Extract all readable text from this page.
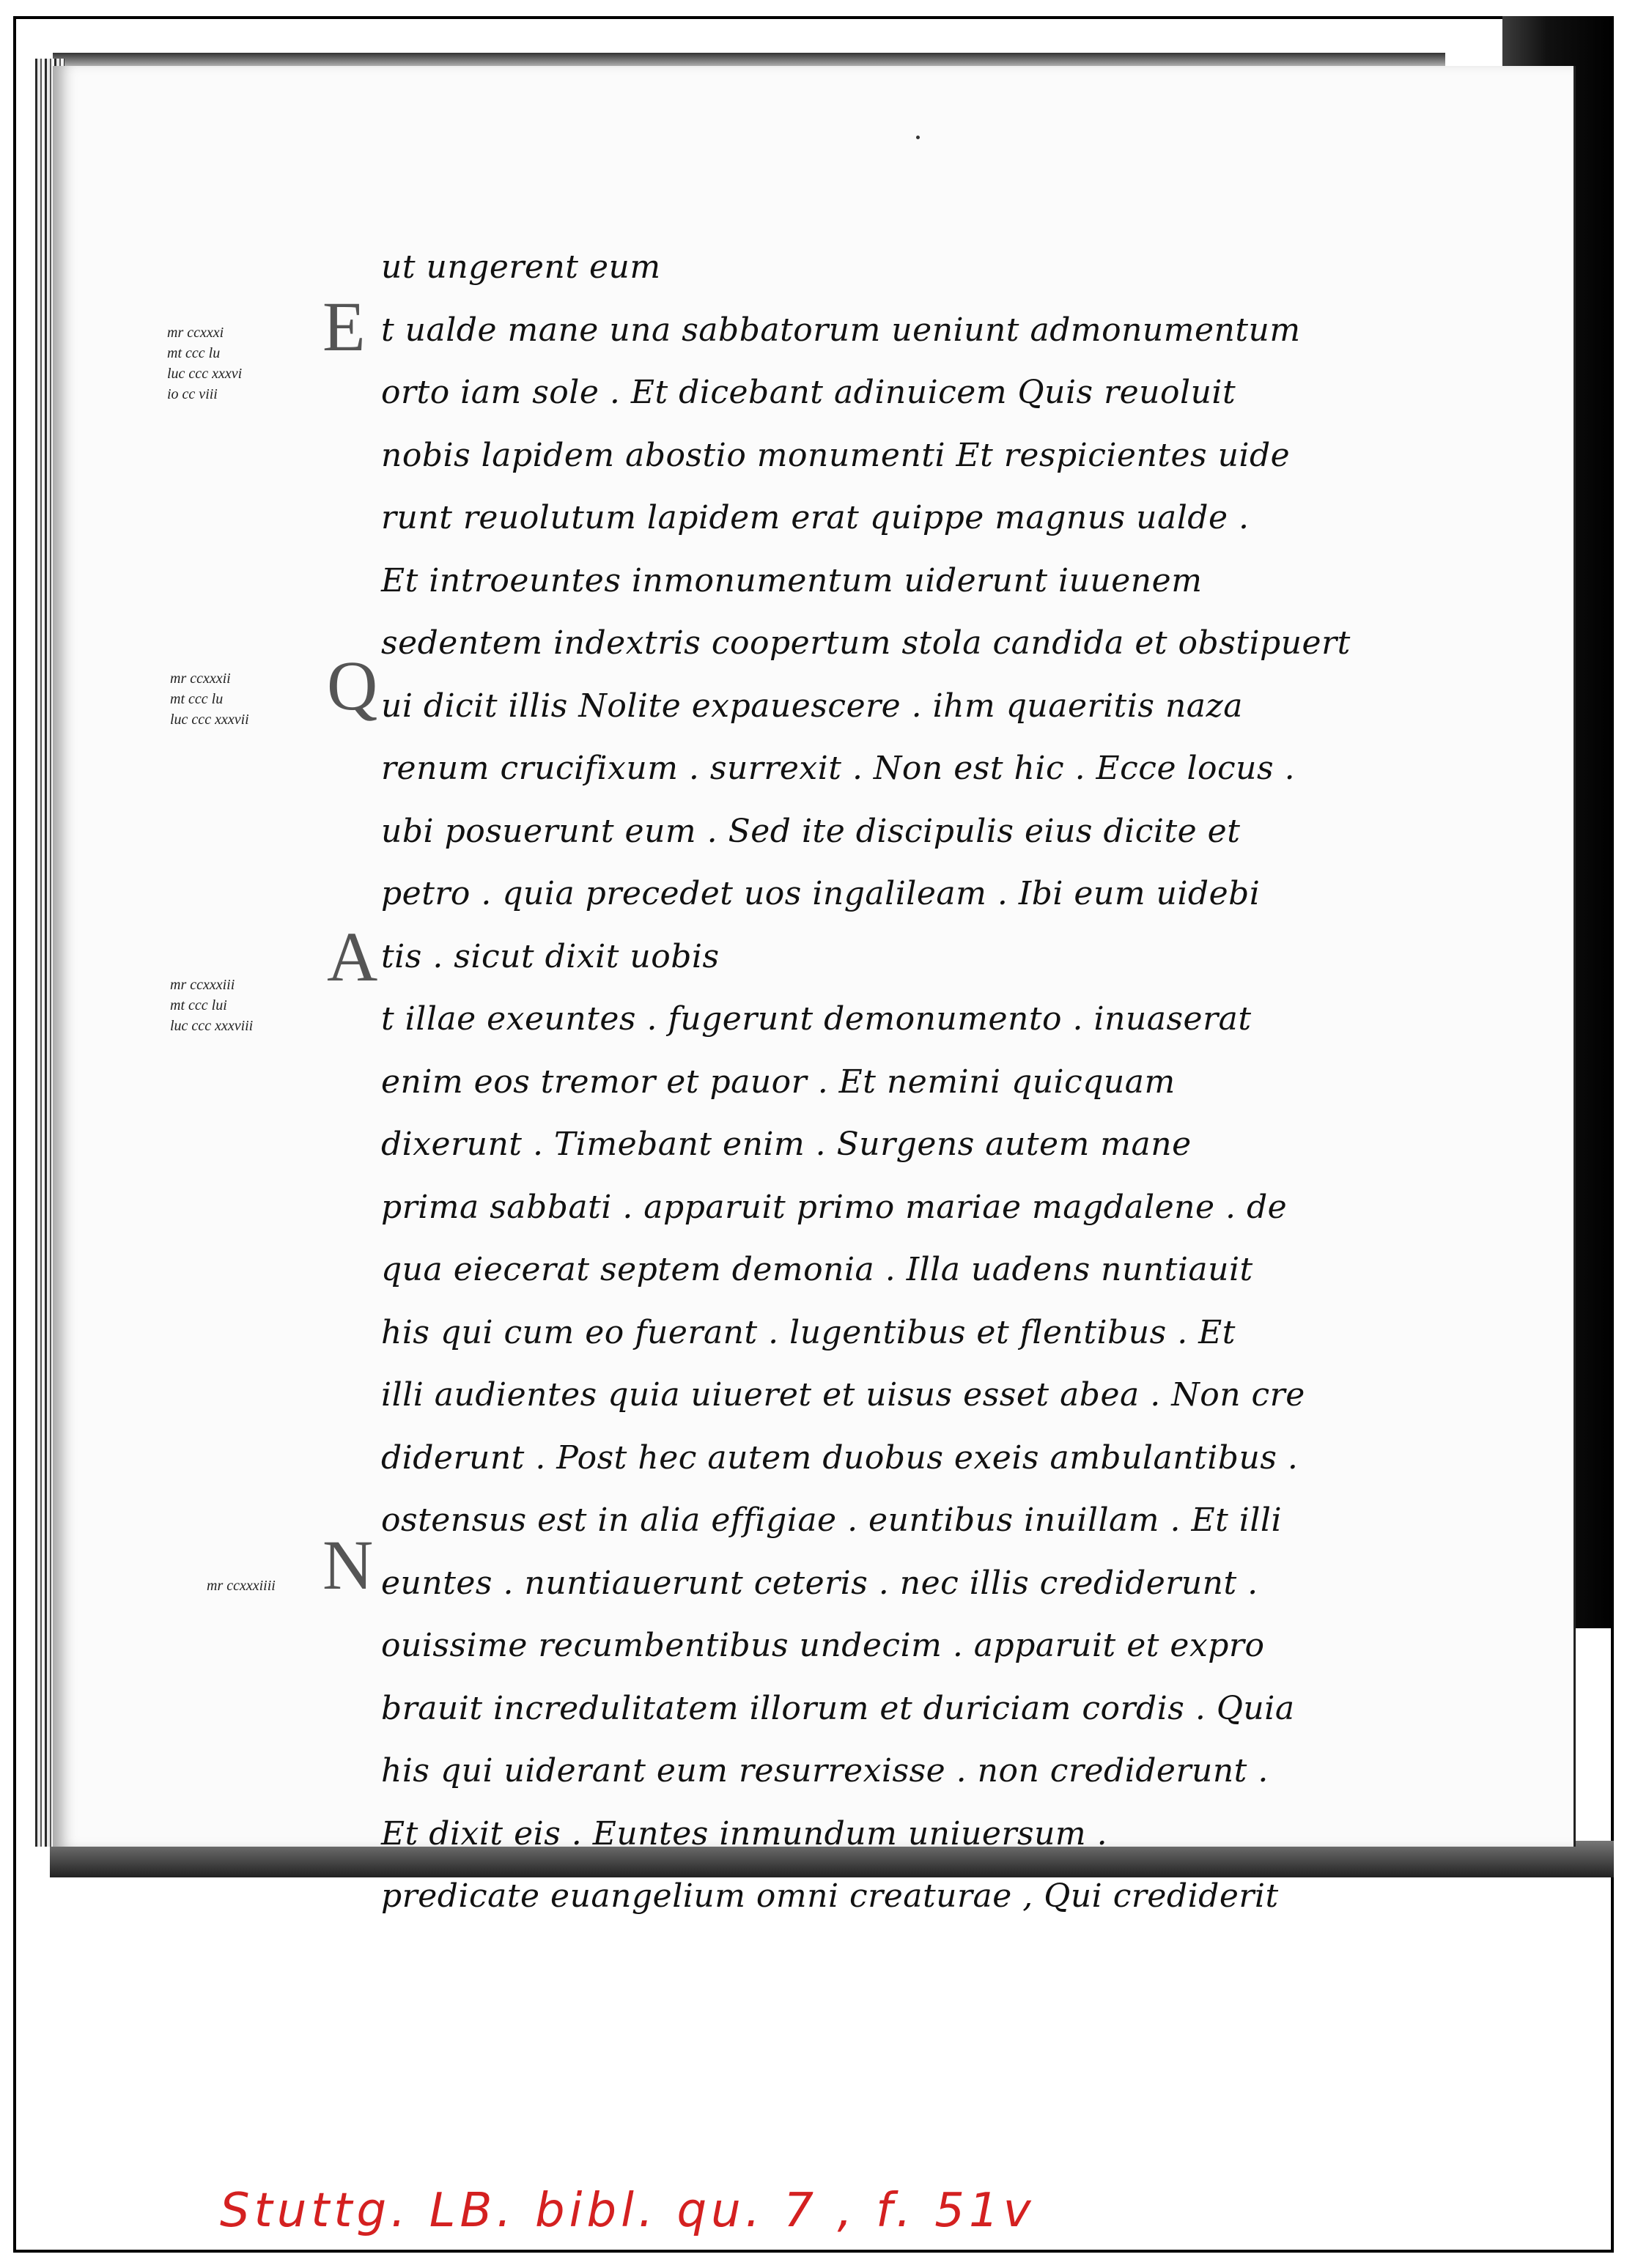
E
Q
A
N
mr ccxxxi
mt ccc lu
luc ccc xxxvi
io cc viii
mr ccxxxii
mt ccc lu
luc ccc xxxvii
mr ccxxxiii
mt ccc lui
luc ccc xxxviii
mr ccxxxiiii
ut ungerent eum
t ualde mane una sabbatorum ueniunt admonumentum
orto iam sole . Et dicebant adinuicem Quis reuoluit
nobis lapidem abostio monumenti Et respicientes uide
runt reuolutum lapidem erat quippe magnus ualde .
Et introeuntes inmonumentum uiderunt iuuenem
sedentem indextris coopertum stola candida et obstipuert
ui dicit illis Nolite expauescere . ihm quaeritis naza
renum crucifixum . surrexit . Non est hic . Ecce locus .
ubi posuerunt eum . Sed ite discipulis eius dicite et
petro . quia precedet uos ingalileam . Ibi eum uidebi
tis . sicut dixit uobis
t illae exeuntes . fugerunt demonumento . inuaserat
enim eos tremor et pauor . Et nemini quicquam
dixerunt . Timebant enim . Surgens autem mane
prima sabbati . apparuit primo mariae magdalene . de
qua eiecerat septem demonia . Illa uadens nuntiauit
his qui cum eo fuerant . lugentibus et flentibus . Et
illi audientes quia uiueret et uisus esset abea . Non cre
diderunt . Post hec autem duobus exeis ambulantibus .
ostensus est in alia effigiae . euntibus inuillam . Et illi
euntes . nuntiauerunt ceteris . nec illis crediderunt .
ouissime recumbentibus undecim . apparuit et expro
brauit incredulitatem illorum et duriciam cordis . Quia
his qui uiderant eum resurrexisse . non crediderunt .
Et dixit eis . Euntes inmundum uniuersum .
predicate euangelium omni creaturae , Qui crediderit
Stuttg. LB. bibl. qu. 7 , f. 51v
